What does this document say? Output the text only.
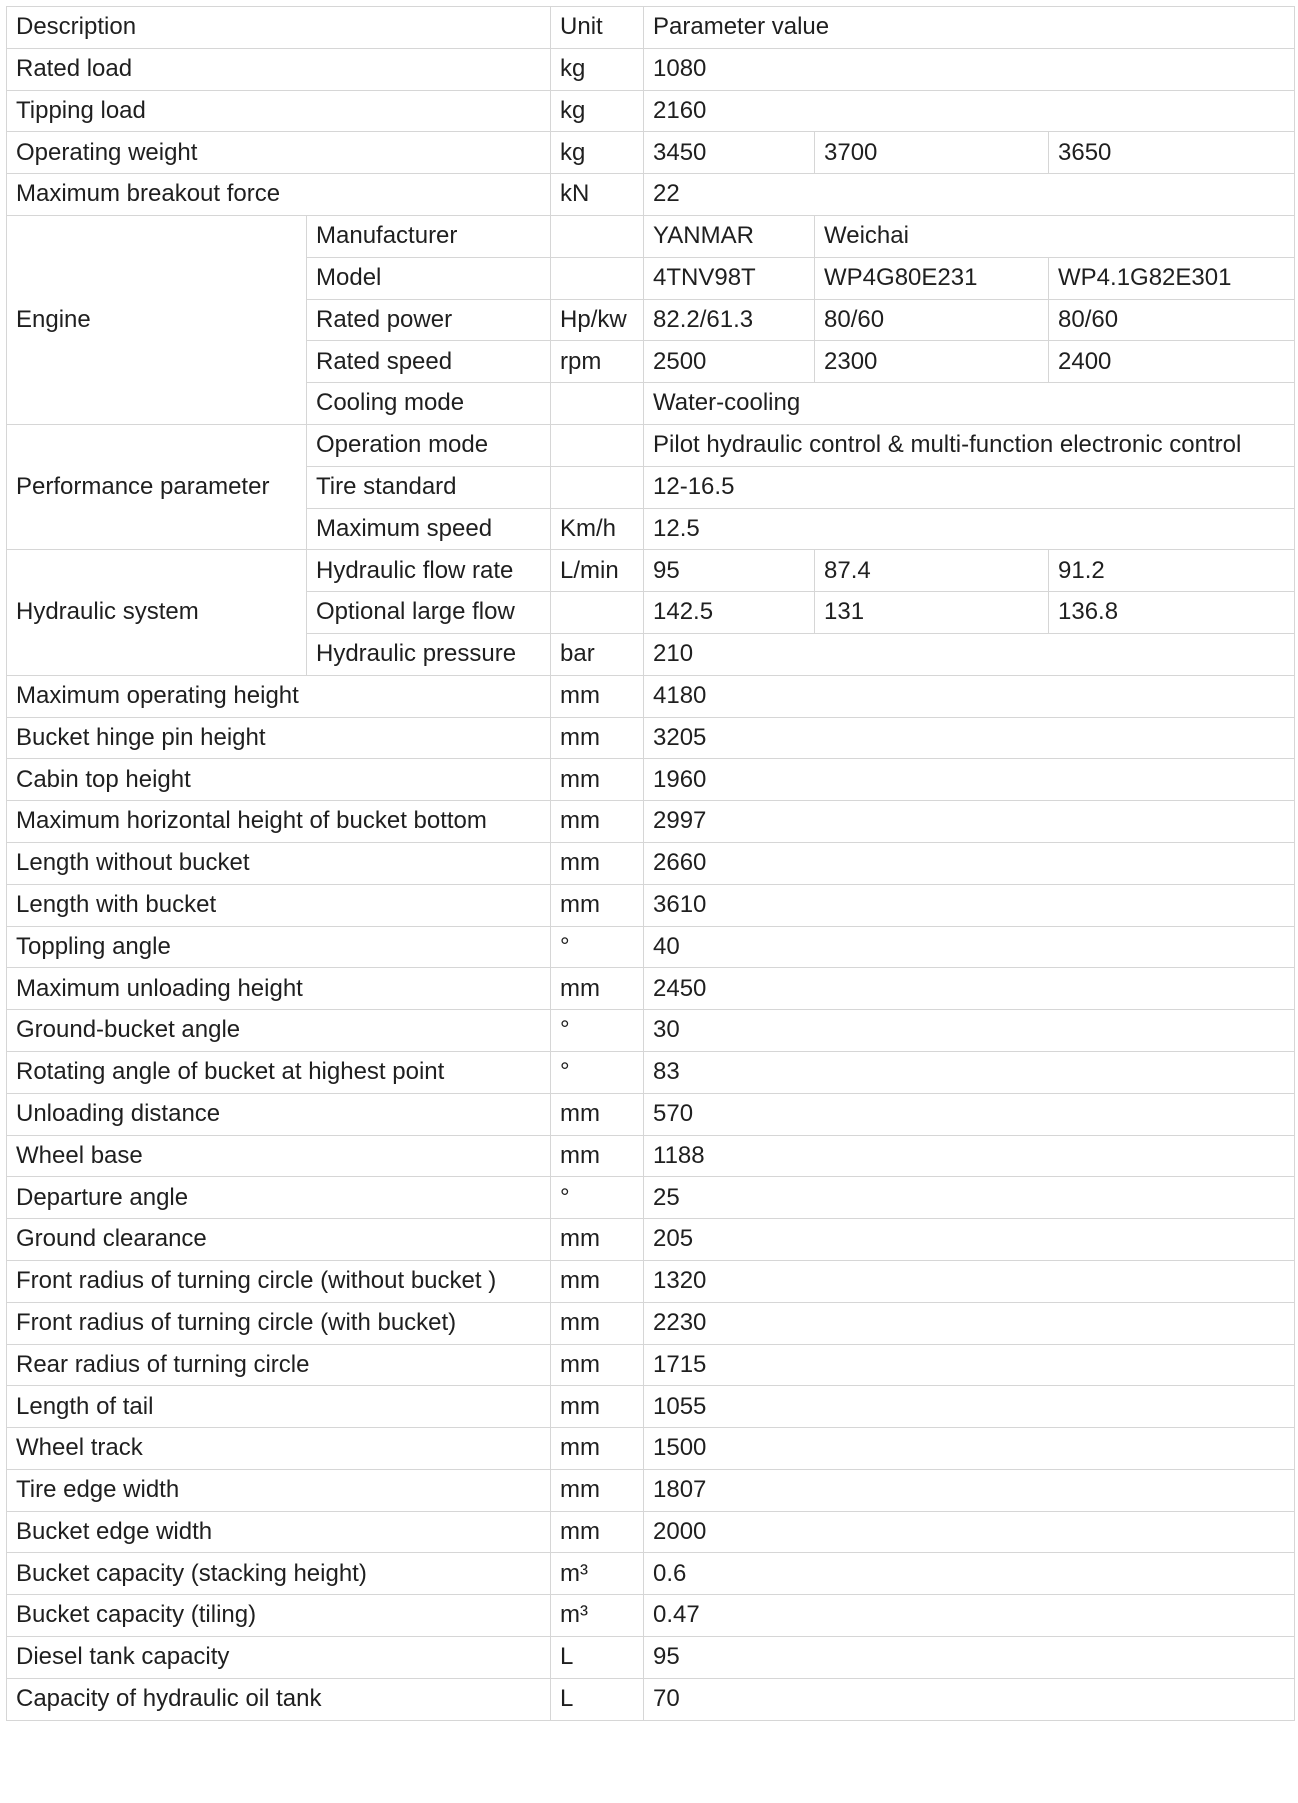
Description		Unit	Parameter value		
Rated load		kg	1080		
Tipping load		kg	2160		
Operating weight		kg	3450	3700	3650
Maximum breakout force		kN	22		
Engine	Manufacturer		YANMAR	Weichai	
	Model		4TNV98T	WP4G80E231	WP4.1G82E301
	Rated power	Hp/kw	82.2/61.3	80/60	80/60
	Rated speed	rpm	2500	2300	2400
	Cooling mode		Water-cooling		
Performance parameter	Operation mode		Pilot hydraulic control & multi-function electronic control		
	Tire standard		12-16.5		
	Maximum speed	Km/h	12.5		
Hydraulic system	Hydraulic flow rate	L/min	95	87.4	91.2
	Optional large flow		142.5	131	136.8
	Hydraulic pressure	bar	210		
Maximum operating height		mm	4180		
Bucket hinge pin height		mm	3205		
Cabin top height		mm	1960		
Maximum horizontal height of bucket bottom		mm	2997		
Length without bucket		mm	2660		
Length with bucket		mm	3610		
Toppling angle		°	40		
Maximum unloading height		mm	2450		
Ground-bucket angle		°	30		
Rotating angle of bucket at highest point		°	83		
Unloading distance		mm	570		
Wheel base		mm	1188		
Departure angle		°	25		
Ground clearance		mm	205		
Front radius of turning circle (without bucket )		mm	1320		
Front radius of turning circle (with bucket)		mm	2230		
Rear radius of turning circle		mm	1715		
Length of tail		mm	1055		
Wheel track		mm	1500		
Tire edge width		mm	1807		
Bucket edge width		mm	2000		
Bucket capacity (stacking height)		m³	0.6		
Bucket capacity (tiling)		m³	0.47		
Diesel tank capacity		L	95		
Capacity of hydraulic oil tank		L	70		
